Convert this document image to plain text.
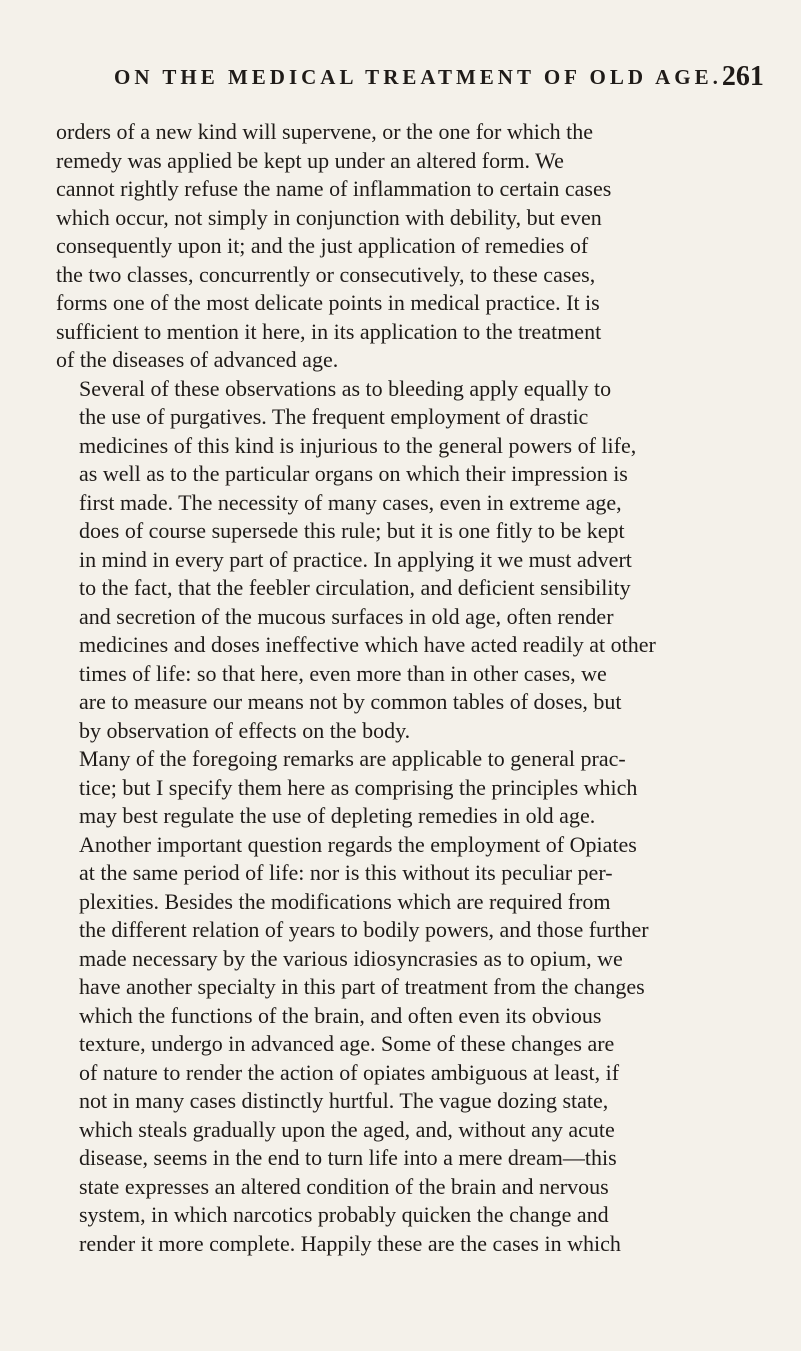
ON THE MEDICAL TREATMENT OF OLD AGE. 261

orders of a new kind will supervene, or the one for which the
remedy was applied be kept up under an altered form. We
cannot rightly refuse the name of inflammation to certain cases
which occur, not simply in conjunction with debility, but even
consequently upon it; and the just application of remedies of
the two classes, concurrently or consecutively, to these cases,
forms one of the most delicate points in medical practice. It is
sufficient to mention it here, in its application to the treatment
of the diseases of advanced age.

Several of these observations as to bleeding apply equally to
the use of purgatives. The frequent employment of drastic
medicines of this kind is injurious to the general powers of life,
as well as to the particular organs on which their impression is
first made. The necessity of many cases, even in extreme age,
does of course supersede this rule; but it is one fitly to be kept
in mind in every part of practice. In applying it we must advert
to the fact, that the feebler circulation, and deficient sensibility
and secretion of the mucous surfaces in old age, often render
medicines and doses ineffective which have acted readily at other
times of life: so that here, even more than in other cases, we
are to measure our means not by common tables of doses, but
by observation of effects on the body.

Many of the foregoing remarks are applicable to general prac-
tice; but I specify them here as comprising the principles which
may best regulate the use of depleting remedies in old age.
Another important question regards the employment of Opiates
at the same period of life: nor is this without its peculiar per-
plexities. Besides the modifications which are required from
the different relation of years to bodily powers, and those further
made necessary by the various idiosyncrasies as to opium, we
have another specialty in this part of treatment from the changes
which the functions of the brain, and often even its obvious
texture, undergo in advanced age. Some of these changes are
of nature to render the action of opiates ambiguous at least, if
not in many cases distinctly hurtful. The vague dozing state,
which steals gradually upon the aged, and, without any acute
disease, seems in the end to turn life into a mere dream—this
state expresses an altered condition of the brain and nervous
system, in which narcotics probably quicken the change and
render it more complete. Happily these are the cases in which
